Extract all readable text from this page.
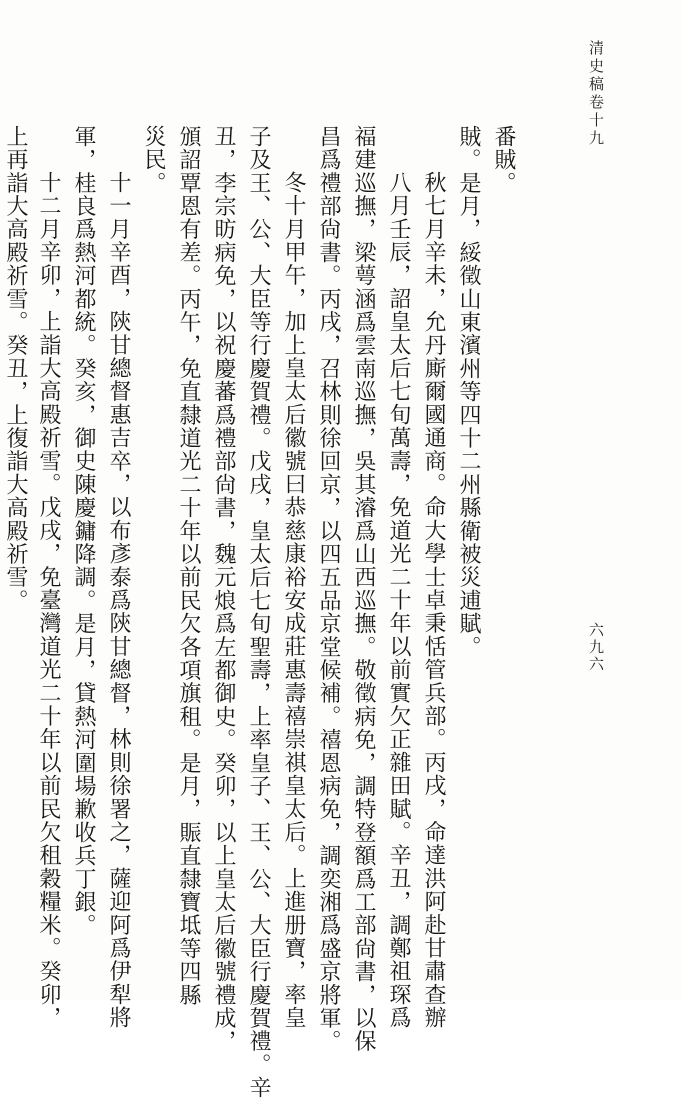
清史稿卷十九
六九六
番賊。
賊。是月，綏徵山東濱州等四十二州縣衛被災逋賦。
秋七月辛未，允丹廝爾國通商。命大學士卓秉恬管兵部。丙戌，命達洪阿赴甘肅查辦
八月壬辰，詔皇太后七旬萬壽，免道光二十年以前實欠正雜田賦。辛丑，調鄭祖琛爲
福建巡撫，梁萼涵爲雲南巡撫，吳其濬爲山西巡撫。敬徵病免，調特登額爲工部尙書，以保
昌爲禮部尙書。丙戌，召林則徐回京，以四五品京堂候補。禧恩病免，調奕湘爲盛京將軍。
冬十月甲午，加上皇太后徽號曰恭慈康裕安成莊惠壽禧崇祺皇太后。上進册寶，率皇
子及王、公、大臣等行慶賀禮。戊戌，皇太后七旬聖壽，上率皇子、王、公、大臣行慶賀禮。辛
丑，李宗昉病免，以祝慶蕃爲禮部尙書，魏元烺爲左都御史。癸卯，以上皇太后徽號禮成，
頒詔覃恩有差。丙午，免直隸道光二十年以前民欠各項旗租。是月，賑直隸寶坻等四縣
災民。
十一月辛酉，陝甘總督惠吉卒，以布彥泰爲陝甘總督，林則徐署之，薩迎阿爲伊犁將
軍，桂良爲熱河都統。癸亥，御史陳慶鏞降調。是月，貸熱河圍場歉收兵丁銀。
十二月辛卯，上詣大高殿祈雪。戊戌，免臺灣道光二十年以前民欠租穀糧米。癸卯，
上再詣大高殿祈雪。癸丑，上復詣大高殿祈雪。
